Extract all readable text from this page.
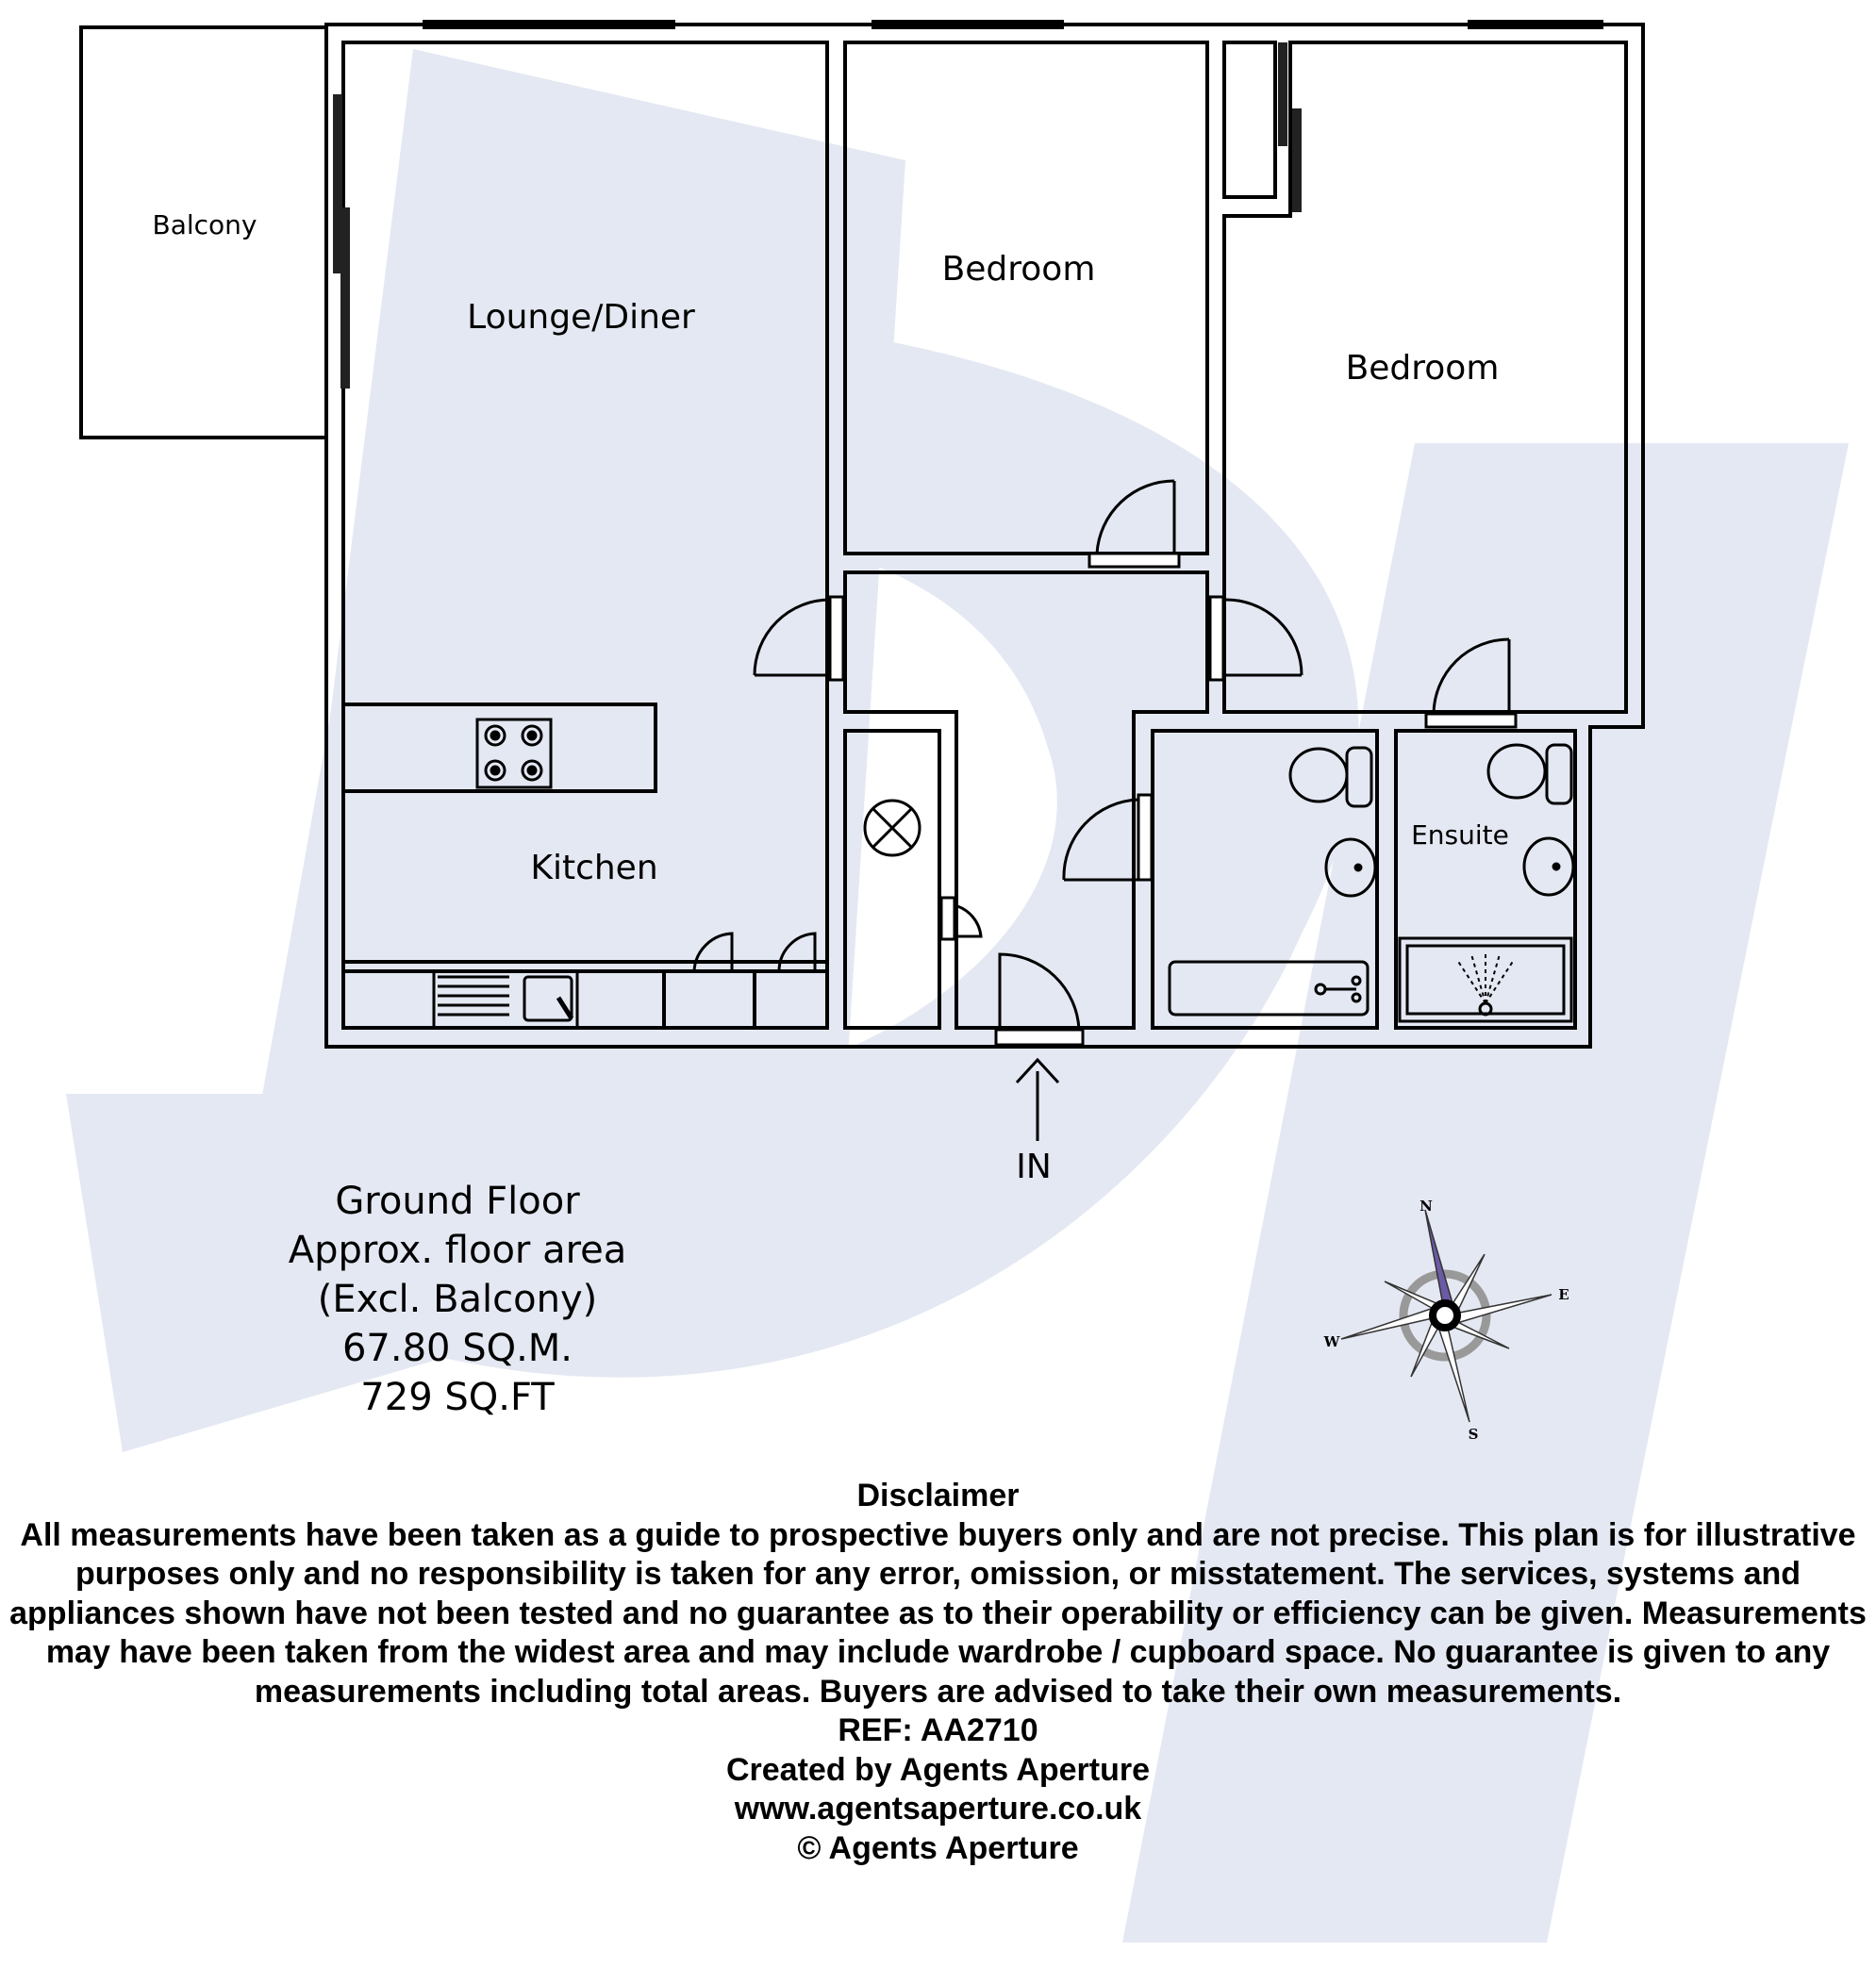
N
E
S
W
Balcony
Lounge/Diner
Bedroom
Bedroom
Kitchen
Ensuite
IN
Ground Floor
Approx. floor area
(Excl. Balcony)
67.80 SQ.M.
729 SQ.FT
Disclaimer
All measurements have been taken as a guide to prospective buyers only and are not precise. This plan is for illustrative purposes only and no responsibility is taken for any error, omission, or misstatement. The services, systems and appliances shown have not been tested and no guarantee as to their operability or efficiency can be given. Measurements may have been taken from the widest area and may include wardrobe / cupboard space. No guarantee is given to any measurements including total areas. Buyers are advised to take their own measurements.
REF: AA2710
Created by Agents Aperture
www.agentsaperture.co.uk
© Agents Aperture
